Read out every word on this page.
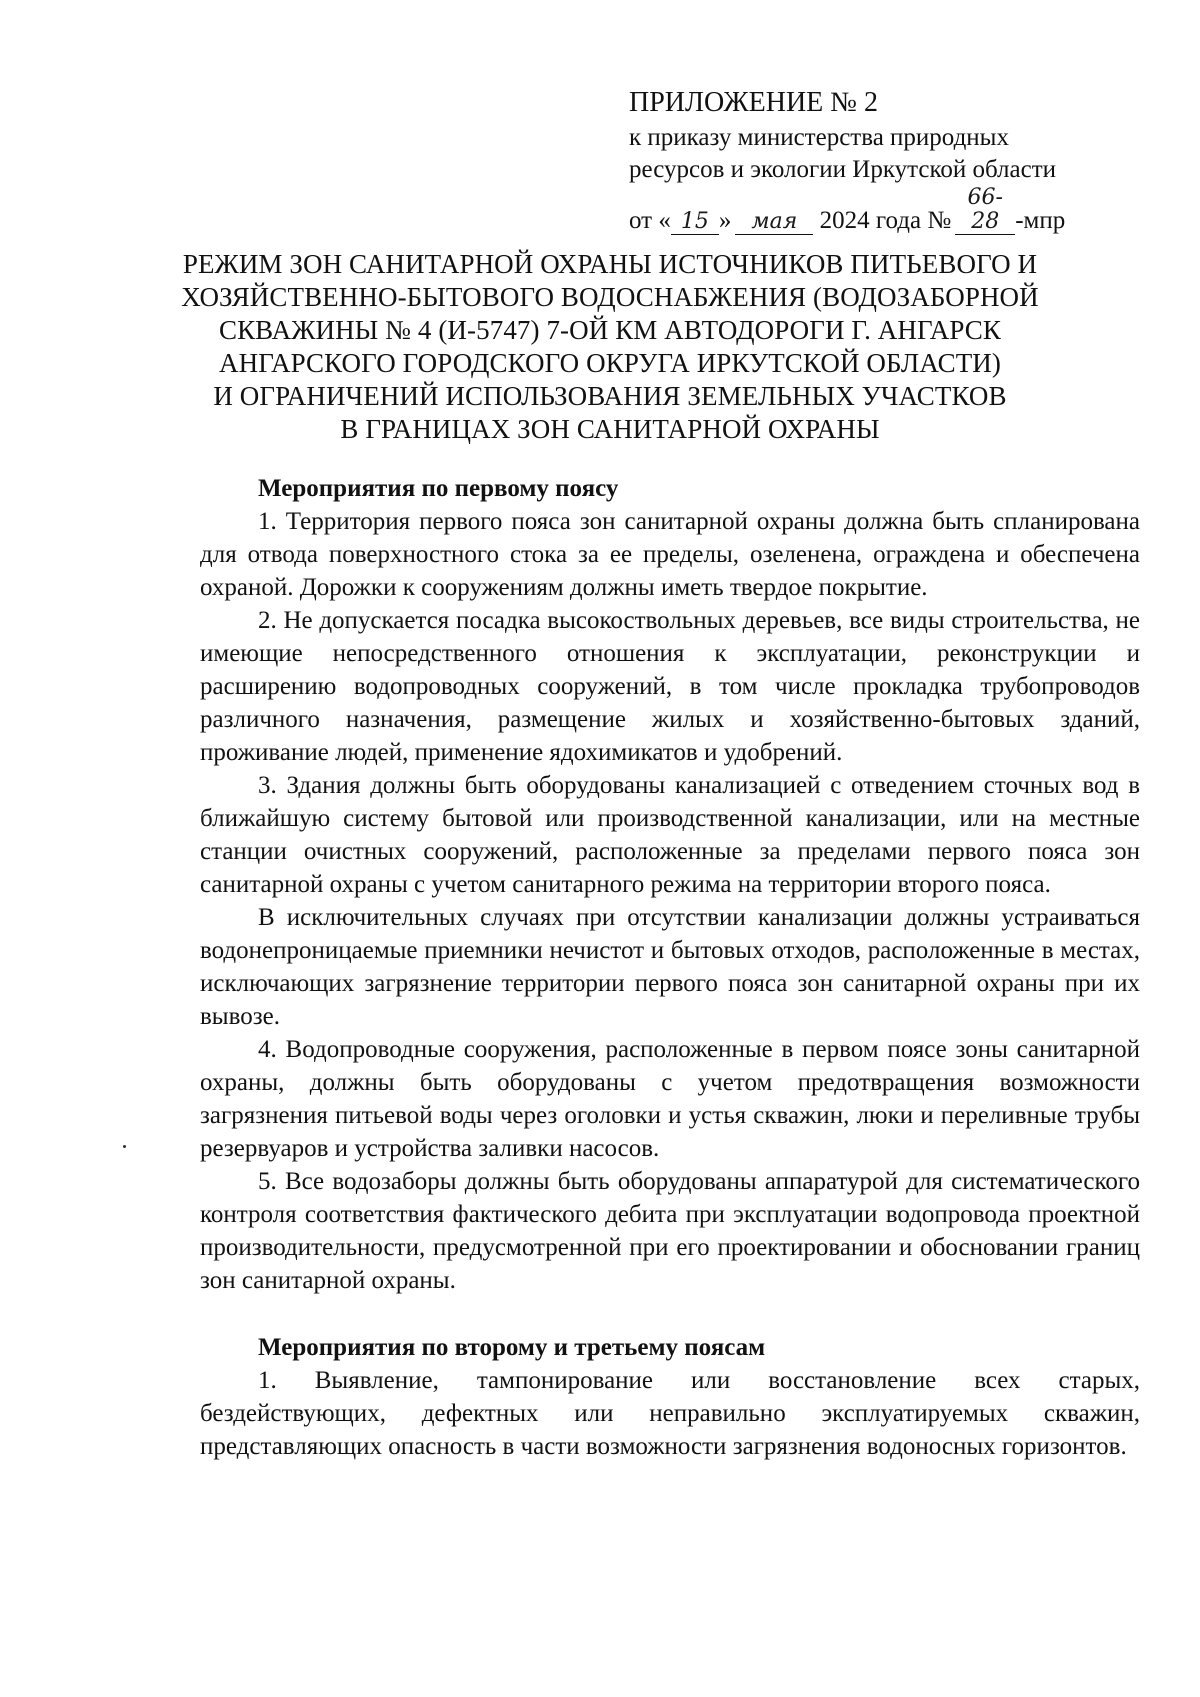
ПРИЛОЖЕНИЕ № 2
к приказу министерства природных
ресурсов и экологии Иркутской области
от « 15 » мая 2024 года №66-28 -мпр
РЕЖИМ ЗОН САНИТАРНОЙ ОХРАНЫ ИСТОЧНИКОВ ПИТЬЕВОГО И
ХОЗЯЙСТВЕННО-БЫТОВОГО ВОДОСНАБЖЕНИЯ (ВОДОЗАБОРНОЙ
СКВАЖИНЫ № 4 (И-5747) 7-ОЙ КМ АВТОДОРОГИ Г. АНГАРСК
АНГАРСКОГО ГОРОДСКОГО ОКРУГА ИРКУТСКОЙ ОБЛАСТИ)
И ОГРАНИЧЕНИЙ ИСПОЛЬЗОВАНИЯ ЗЕМЕЛЬНЫХ УЧАСТКОВ
В ГРАНИЦАХ ЗОН САНИТАРНОЙ ОХРАНЫ

Мероприятия по первому поясу

1. Территория первого пояса зон санитарной охраны должна быть спланирована для отвода поверхностного стока за ее пределы, озеленена, ограждена и обеспечена охраной. Дорожки к сооружениям должны иметь твердое покрытие.

2. Не допускается посадка высокоствольных деревьев, все виды строительства, не имеющие непосредственного отношения к эксплуатации, реконструкции и расширению водопроводных сооружений, в том числе прокладка трубопроводов различного назначения, размещение жилых и хозяйственно-бытовых зданий, проживание людей, применение ядохимикатов и удобрений.

3. Здания должны быть оборудованы канализацией с отведением сточных вод в ближайшую систему бытовой или производственной канализации, или на местные станции очистных сооружений, расположенные за пределами первого пояса зон санитарной охраны с учетом санитарного режима на территории второго пояса.

В исключительных случаях при отсутствии канализации должны устраиваться водонепроницаемые приемники нечистот и бытовых отходов, расположенные в местах, исключающих загрязнение территории первого пояса зон санитарной охраны при их вывозе.

4. Водопроводные сооружения, расположенные в первом поясе зоны санитарной охраны, должны быть оборудованы с учетом предотвращения возможности загрязнения питьевой воды через оголовки и устья скважин, люки и переливные трубы резервуаров и устройства заливки насосов.

5. Все водозаборы должны быть оборудованы аппаратурой для систематического контроля соответствия фактического дебита при эксплуатации водопровода проектной производительности, предусмотренной при его проектировании и обосновании границ зон санитарной охраны.

Мероприятия по второму и третьему поясам

1. Выявление, тампонирование или восстановление всех старых, бездействующих, дефектных или неправильно эксплуатируемых скважин, представляющих опасность в части возможности загрязнения водоносных горизонтов.
